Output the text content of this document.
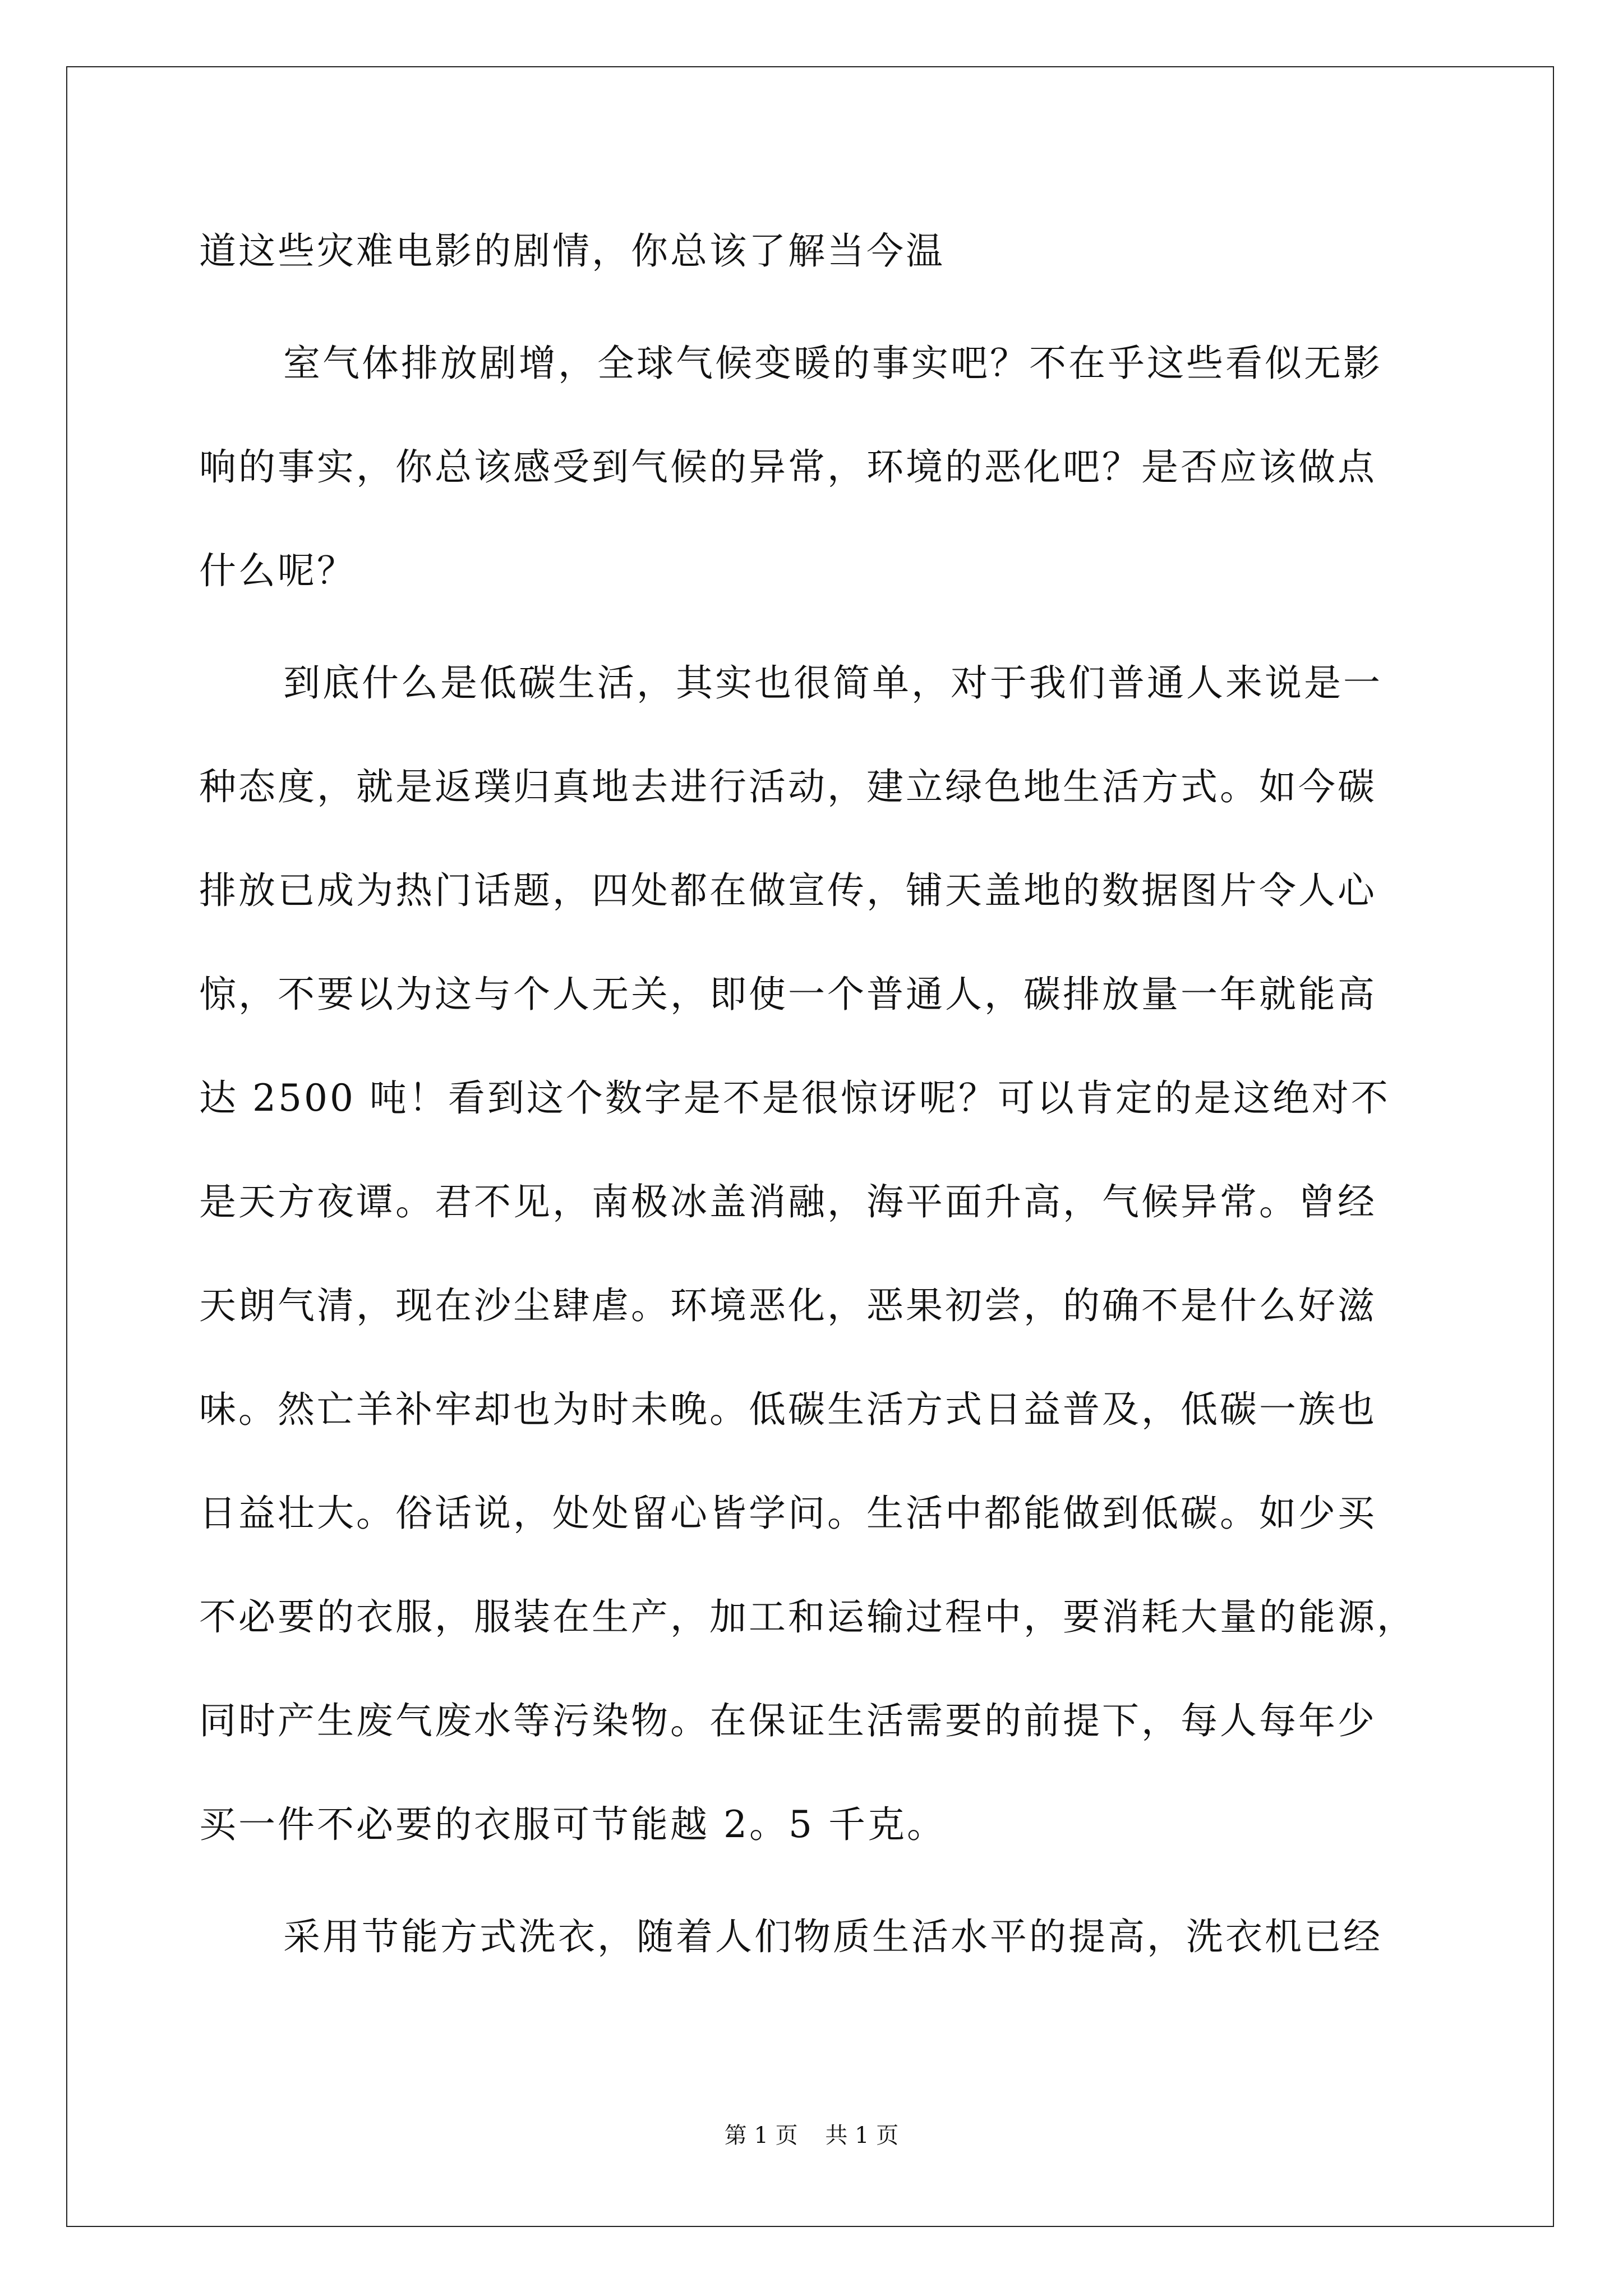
道这些灾难电影的剧情，你总该了解当今温
室气体排放剧增，全球气候变暖的事实吧？不在乎这些看似无影
响的事实，你总该感受到气候的异常，环境的恶化吧？是否应该做点
什么呢？
到底什么是低碳生活，其实也很简单，对于我们普通人来说是一
种态度，就是返璞归真地去进行活动，建立绿色地生活方式。如今碳
排放已成为热门话题，四处都在做宣传，铺天盖地的数据图片令人心
惊，不要以为这与个人无关，即使一个普通人，碳排放量一年就能高
达 2500 吨！看到这个数字是不是很惊讶呢？可以肯定的是这绝对不
是天方夜谭。君不见，南极冰盖消融，海平面升高，气候异常。曾经
天朗气清，现在沙尘肆虐。环境恶化，恶果初尝，的确不是什么好滋
味。然亡羊补牢却也为时未晚。低碳生活方式日益普及，低碳一族也
日益壮大。俗话说，处处留心皆学问。生活中都能做到低碳。如少买
不必要的衣服，服装在生产，加工和运输过程中，要消耗大量的能源，
同时产生废气废水等污染物。在保证生活需要的前提下，每人每年少
买一件不必要的衣服可节能越 2。5 千克。
采用节能方式洗衣，随着人们物质生活水平的提高，洗衣机已经
第 1 页 共 1 页
